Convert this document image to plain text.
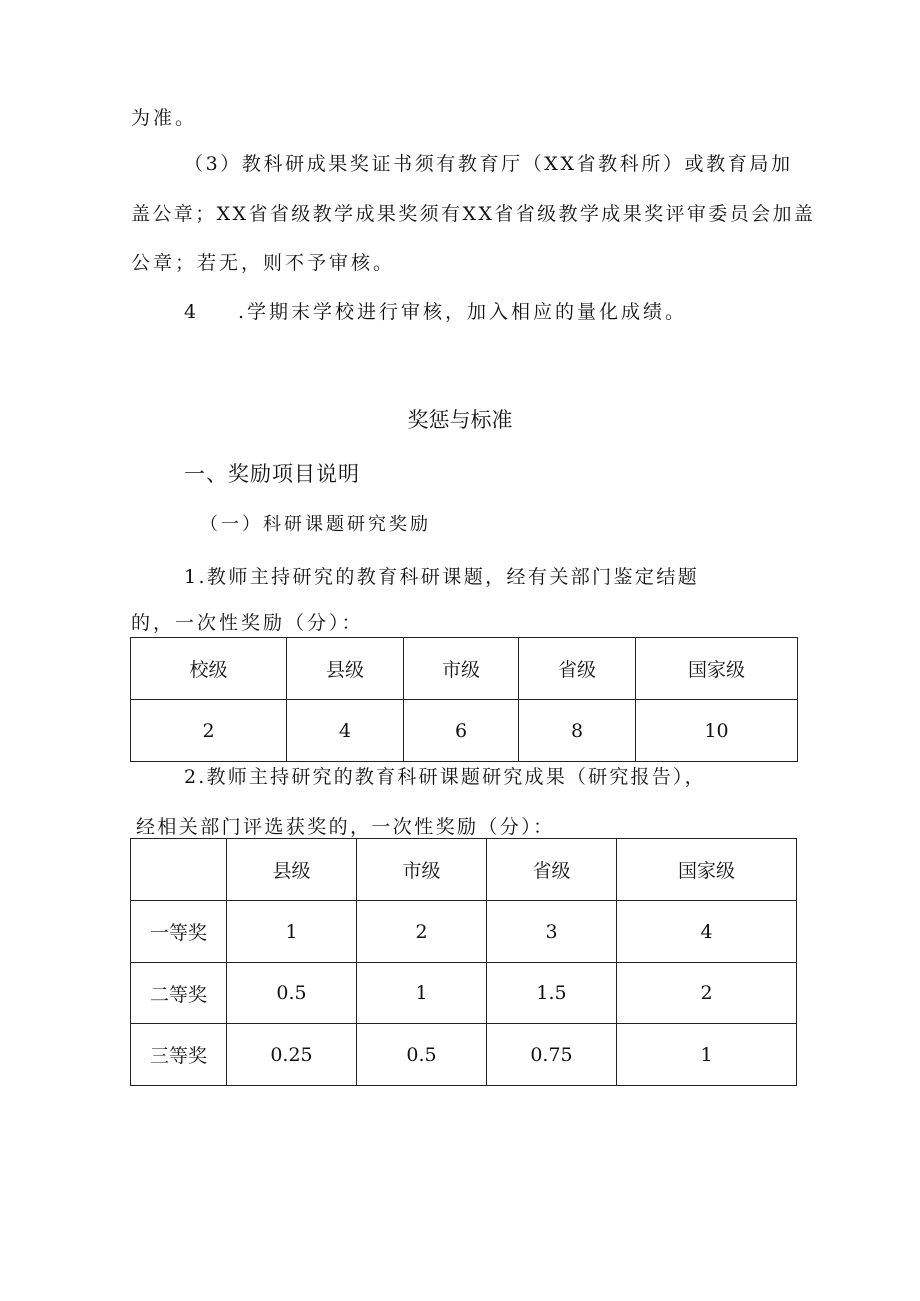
为准。
（3）教科研成果奖证书须有教育厅（XX省教科所）或教育局加
盖公章；XX省省级教学成果奖须有XX省省级教学成果奖评审委员会加盖
公章；若无，则不予审核。
4 .学期末学校进行审核，加入相应的量化成绩。
奖惩与标准
一、奖励项目说明
（一）科研课题研究奖励
1.教师主持研究的教育科研课题，经有关部门鉴定结题
的，一次性奖励（分）：
校级	县级	市级	省级	国家级
2	4	6	8	10
2.教师主持研究的教育科研课题研究成果（研究报告），
经相关部门评选获奖的，一次性奖励（分）：
	县级	市级	省级	国家级
一等奖	1	2	3	4
二等奖	0.5	1	1.5	2
三等奖	0.25	0.5	0.75	1
